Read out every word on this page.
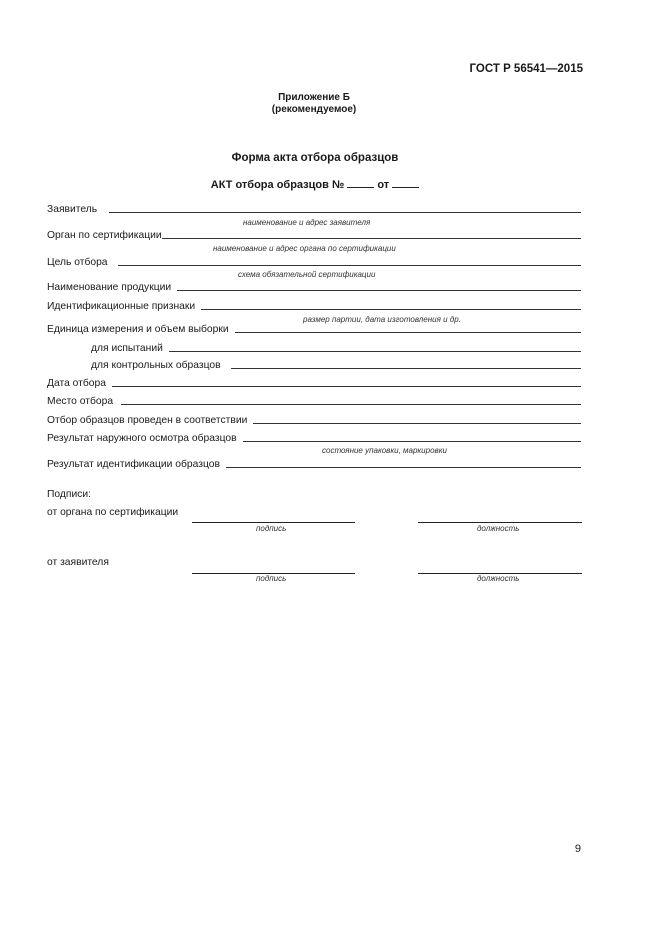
ГОСТ Р 56541—2015
Приложение Б
(рекомендуемое)
Форма акта отбора образцов
АКТ отбора образцов №	от
Заявитель
наименование и адрес заявителя
Орган по сертификации
наименование и адрес органа по сертификации
Цель отбора
схема обязательной сертификации
Наименование продукции
Идентификационные признаки
размер партии, дата изготовления и др.
Единица измерения и объем выборки
для испытаний
для контрольных образцов
Дата отбора
Место отбора
Отбор образцов проведен в соответствии
Результат наружного осмотра образцов
состояние упаковки, маркировки
Результат идентификации образцов
Подписи:
от органа по сертификации
подпись	должность
от заявителя
подпись	должность
9
